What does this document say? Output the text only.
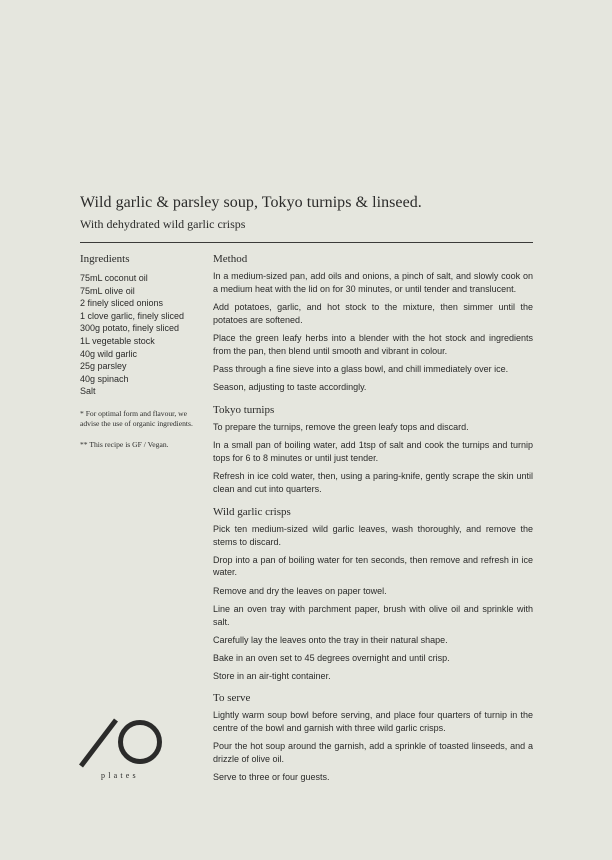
Wild garlic & parsley soup, Tokyo turnips & linseed.
With dehydrated wild garlic crisps
Ingredients
75mL coconut oil
75mL olive oil
2 finely sliced onions
1 clove garlic, finely sliced
300g potato, finely sliced
1L vegetable stock
40g wild garlic
25g parsley
40g spinach
Salt

* For optimal form and flavour, we advise the use of organic ingredients.

** This recipe is GF / Vegan.

Method

In a medium-sized pan, add oils and onions, a pinch of salt, and slowly cook on a medium heat with the lid on for 30 minutes, or until tender and translucent.

Add potatoes, garlic, and hot stock to the mixture, then simmer until the potatoes are softened.

Place the green leafy herbs into a blender with the hot stock and ingredients from the pan, then blend until smooth and vibrant in colour.

Pass through a fine sieve into a glass bowl, and chill immediately over ice.

Season, adjusting to taste accordingly.

Tokyo turnips

To prepare the turnips, remove the green leafy tops and discard.

In a small pan of boiling water, add 1tsp of salt and cook the turnips and turnip tops for 6 to 8 minutes or until just tender.

Refresh in ice cold water, then, using a paring-knife, gently scrape the skin until clean and cut into quarters.

Wild garlic crisps

Pick ten medium-sized wild garlic leaves, wash thoroughly, and remove the stems to discard.

Drop into a pan of boiling water for ten seconds, then remove and refresh in ice water.

Remove and dry the leaves on paper towel.

Line an oven tray with parchment paper, brush with olive oil and sprinkle with salt.

Carefully lay the leaves onto the tray in their natural shape.

Bake in an oven set to 45 degrees overnight and until crisp.

Store in an air-tight container.

To serve

Lightly warm soup bowl before serving, and place four quarters of turnip in the centre of the bowl and garnish with three wild garlic crisps.

Pour the hot soup around the garnish, add a sprinkle of toasted linseeds, and a drizzle of olive oil.

Serve to three or four guests.

plates
